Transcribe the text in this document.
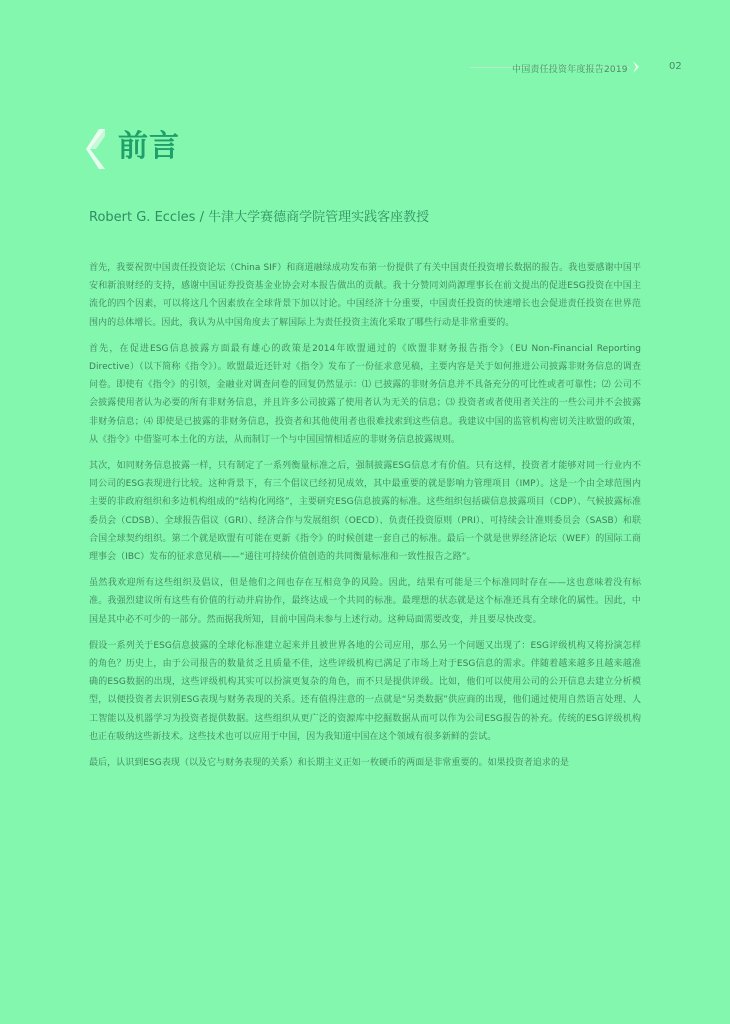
中国责任投资年度报告2019	02
前言
Robert G. Eccles / 牛津大学赛德商学院管理实践客座教授

首先，我要祝贺中国责任投资论坛（China SIF）和商道融绿成功发布第一份提供了有关中国责任投资增长数据的报告。我也要感谢中国平安和新浪财经的支持，感谢中国证券投资基金业协会对本报告做出的贡献。我十分赞同刘尚源理事长在前文提出的促进ESG投资在中国主流化的四个因素，可以将这几个因素放在全球背景下加以讨论。中国经济十分重要，中国责任投资的快速增长也会促进责任投资在世界范围内的总体增长。因此，我认为从中国角度去了解国际上为责任投资主流化采取了哪些行动是非常重要的。

首先，在促进ESG信息披露方面最有雄心的政策是2014年欧盟通过的《欧盟非财务报告指令》（EU Non-Financial Reporting Directive）（以下简称《指令》）。欧盟最近还针对《指令》发布了一份征求意见稿，主要内容是关于如何推进公司披露非财务信息的调查问卷。即使有《指令》的引领，金融业对调查问卷的回复仍然显示：⑴ 已披露的非财务信息并不具备充分的可比性或者可靠性；⑵ 公司不会披露使用者认为必要的所有非财务信息，并且许多公司披露了使用者认为无关的信息；⑶ 投资者或者使用者关注的一些公司并不会披露非财务信息；⑷ 即使是已披露的非财务信息，投资者和其他使用者也很难找索到这些信息。我建议中国的监管机构密切关注欧盟的政策，从《指令》中借鉴可本土化的方法，从而制订一个与中国国情相适应的非财务信息披露规则。

其次，如同财务信息披露一样，只有制定了一系列衡量标准之后，强制披露ESG信息才有价值。只有这样，投资者才能够对同一行业内不同公司的ESG表现进行比较。这种背景下，有三个倡议已经初见成效，其中最重要的就是影响力管理项目（IMP）。这是一个由全球范围内主要的非政府组织和多边机构组成的“结构化网络”，主要研究ESG信息披露的标准。这些组织包括碳信息披露项目（CDP）、气候披露标准委员会（CDSB）、全球报告倡议（GRI）、经济合作与发展组织（OECD）、负责任投资原则（PRI）、可持续会计准则委员会（SASB）和联合国全球契约组织。第二个就是欧盟有可能在更新《指令》的时候创建一套自己的标准。最后一个就是世界经济论坛（WEF）的国际工商理事会（IBC）发布的征求意见稿——“通往可持续价值创造的共同衡量标准和一致性报告之路”。

虽然我欢迎所有这些组织及倡议，但是他们之间也存在互相竞争的风险。因此，结果有可能是三个标准同时存在——这也意味着没有标准。我强烈建议所有这些有价值的行动并肩协作，最终达成一个共同的标准。最理想的状态就是这个标准还具有全球化的属性。因此，中国是其中必不可少的一部分。然而据我所知，目前中国尚未参与上述行动。这种局面需要改变，并且要尽快改变。

假设一系列关于ESG信息披露的全球化标准建立起来并且被世界各地的公司应用，那么另一个问题又出现了：ESG评级机构又将扮演怎样的角色？历史上，由于公司报告的数量贫乏且质量不佳，这些评级机构已满足了市场上对于ESG信息的需求。伴随着越来越多且越来越准确的ESG数据的出现，这些评级机构其实可以扮演更复杂的角色，而不只是提供评级。比如，他们可以使用公司的公开信息去建立分析模型，以便投资者去识别ESG表现与财务表现的关系。还有值得注意的一点就是“另类数据”供应商的出现，他们通过使用自然语言处理、人工智能以及机器学习为投资者提供数据。这些组织从更广泛的资源库中挖掘数据从而可以作为公司ESG报告的补充。传统的ESG评级机构也正在吸纳这些新技术。这些技术也可以应用于中国，因为我知道中国在这个领域有很多新鲜的尝试。

最后，认识到ESG表现（以及它与财务表现的关系）和长期主义正如一枚硬币的两面是非常重要的。如果投资者追求的是
